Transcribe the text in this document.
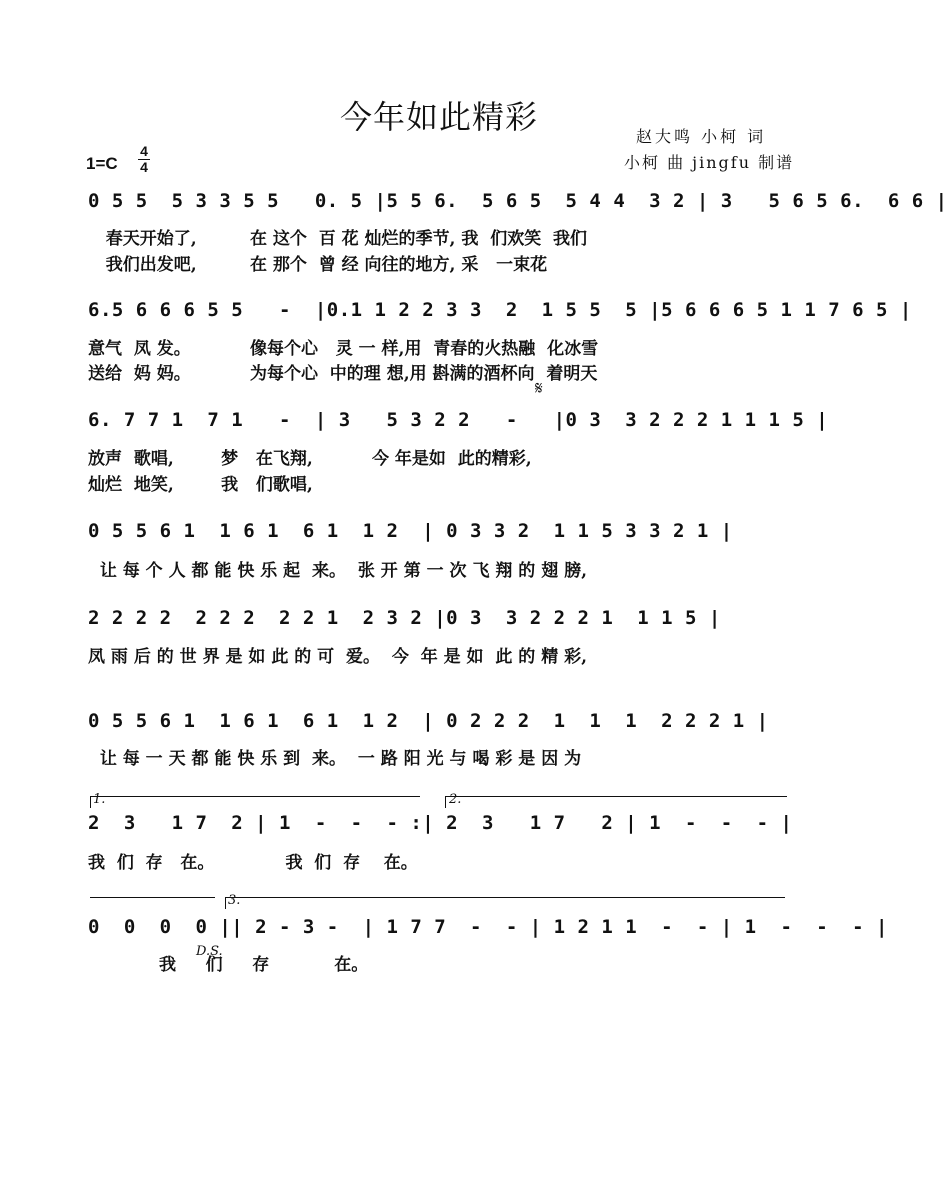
今年如此精彩
赵大鸣 小柯 词
小柯 曲 jingfu 制谱
1=C
4
4
0 5 5  5 3 3 5 5   0. 5 |5 5 6.  5 6 5  5 4 4  3 2 | 3   5 6 5 6.  6 6 |
春天开始了,         在 这个  百 花 灿烂的季节, 我  们欢笑  我们
我们出发吧,         在 那个  曾 经 向往的地方, 采   一束花
6.5 6 6 6 5 5   -  |0.1 1 2 2 3 3  2  1 5 5  5 |5 6 6 6 5 1 1 7 6 5 |
意气  凤 发。          像每个心   灵 一 样,用  青春的火热融  化冰雪
送给  妈 妈。          为每个心  中的理 想,用 斟满的酒杯向  着明天
𝄋
6. 7 7 1  7 1   -  | 3   5 3 2 2   -   |0 3  3 2 2 2 1 1 1 5 |
放声  歌唱,        梦   在飞翔,          今 年是如  此的精彩,
灿烂  地笑,        我   们歌唱,
0 5 5 6 1  1 6 1  6 1  1 2  | 0 3 3 2  1 1 5 3 3 2 1 |
让 每 个 人 都 能 快 乐 起  来。  张 开 第 一 次 飞 翔 的 翅 膀,
2 2 2 2  2 2 2  2 2 1  2 3 2 |0 3  3 2 2 2 1  1 1 5 |
凤 雨 后 的 世 界 是 如 此 的 可  爱。  今  年 是 如  此 的 精 彩,
0 5 5 6 1  1 6 1  6 1  1 2  | 0 2 2 2  1  1  1  2 2 2 1 |
让 每 一 天 都 能 快 乐 到  来。  一 路 阳 光 与 喝 彩 是 因 为
1.	2.
2  3   1 7  2 | 1  -  -  - :| 2  3   1 7   2 | 1  -  -  - |
我  们  存   在。            我  们  存    在。
3.
0  0  0  0 || 2 - 3 -  | 1 7 7  -  - | 1 2 1 1  -  - | 1  -  -  - |
D.S.
我     们     存           在。
